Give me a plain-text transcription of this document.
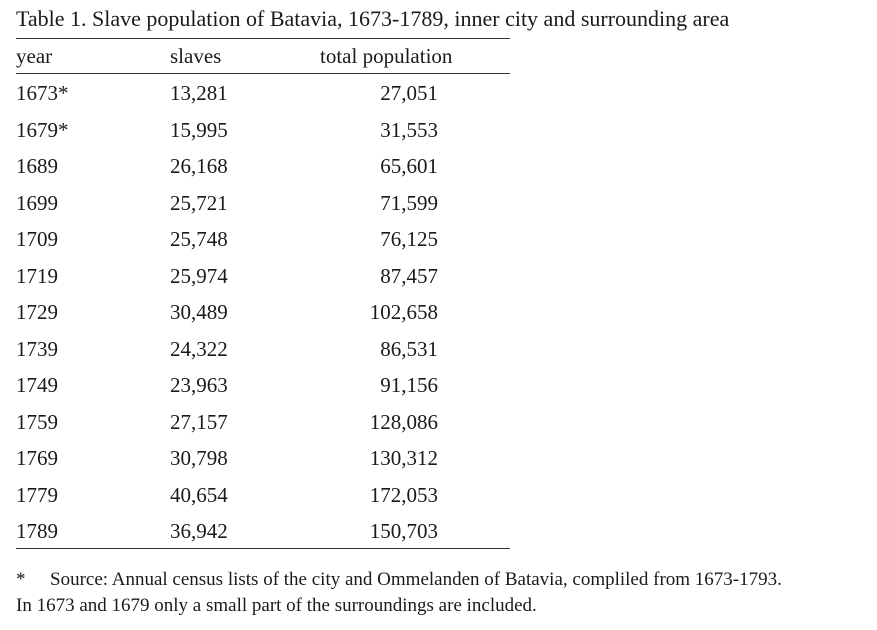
Table 1. Slave population of Batavia, 1673-1789, inner city and surrounding area
year	slaves	total population
1673*	13,281	27,051
1679*	15,995	31,553
1689	26,168	65,601
1699	25,721	71,599
1709	25,748	76,125
1719	25,974	87,457
1729	30,489	102,658
1739	24,322	86,531
1749	23,963	91,156
1759	27,157	128,086
1769	30,798	130,312
1779	40,654	172,053
1789	36,942	150,703
* Source: Annual census lists of the city and Ommelanden of Batavia, compliled from 1673-1793.
In 1673 and 1679 only a small part of the surroundings are included.
